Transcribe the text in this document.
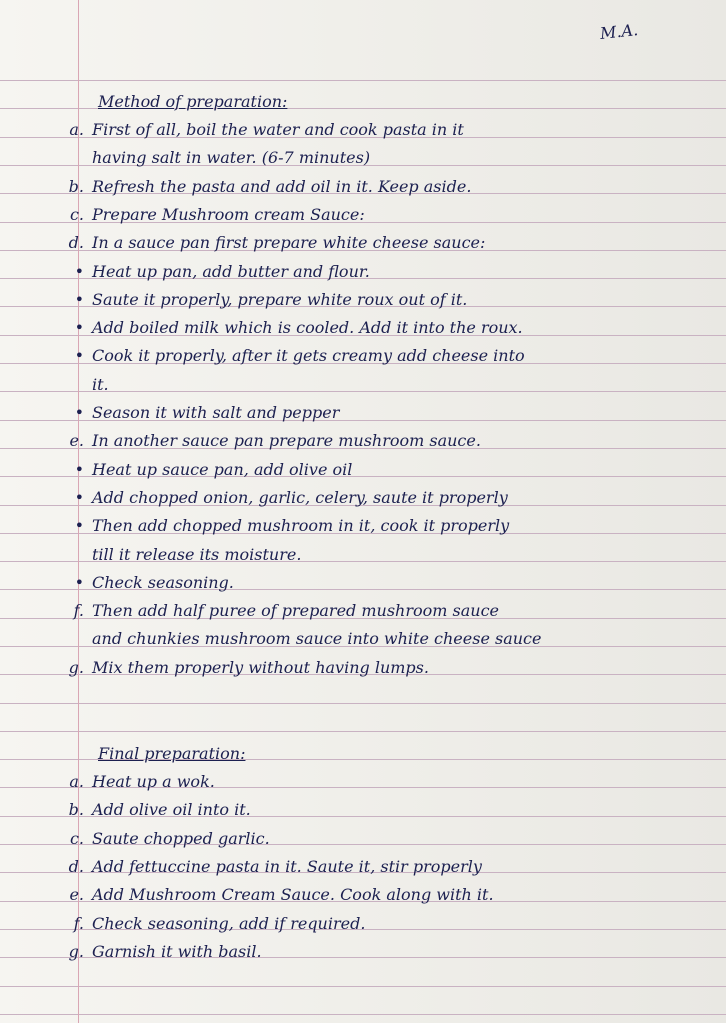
M.A.
Method of preparation:
a. First of all, boil the water and cook pasta in it
having salt in water. (6-7 minutes)
b. Refresh the pasta and add oil in it. Keep aside.
c. Prepare Mushroom cream Sauce:
d. In a sauce pan first prepare white cheese sauce:
• Heat up pan, add butter and flour.
• Saute it properly, prepare white roux out of it.
• Add boiled milk which is cooled. Add it into the roux.
• Cook it properly, after it gets creamy add cheese into
it.
• Season it with salt and pepper
e. In another sauce pan prepare mushroom sauce.
• Heat up sauce pan, add olive oil
• Add chopped onion, garlic, celery, saute it properly
• Then add chopped mushroom in it, cook it properly
till it release its moisture.
• Check seasoning.
f. Then add half puree of prepared mushroom sauce
and chunkies mushroom sauce into white cheese sauce
g. Mix them properly without having lumps.
Final preparation:
a. Heat up a wok.
b. Add olive oil into it.
c. Saute chopped garlic.
d. Add fettuccine pasta in it. Saute it, stir properly
e. Add Mushroom Cream Sauce. Cook along with it.
f. Check seasoning, add if required.
g. Garnish it with basil.
